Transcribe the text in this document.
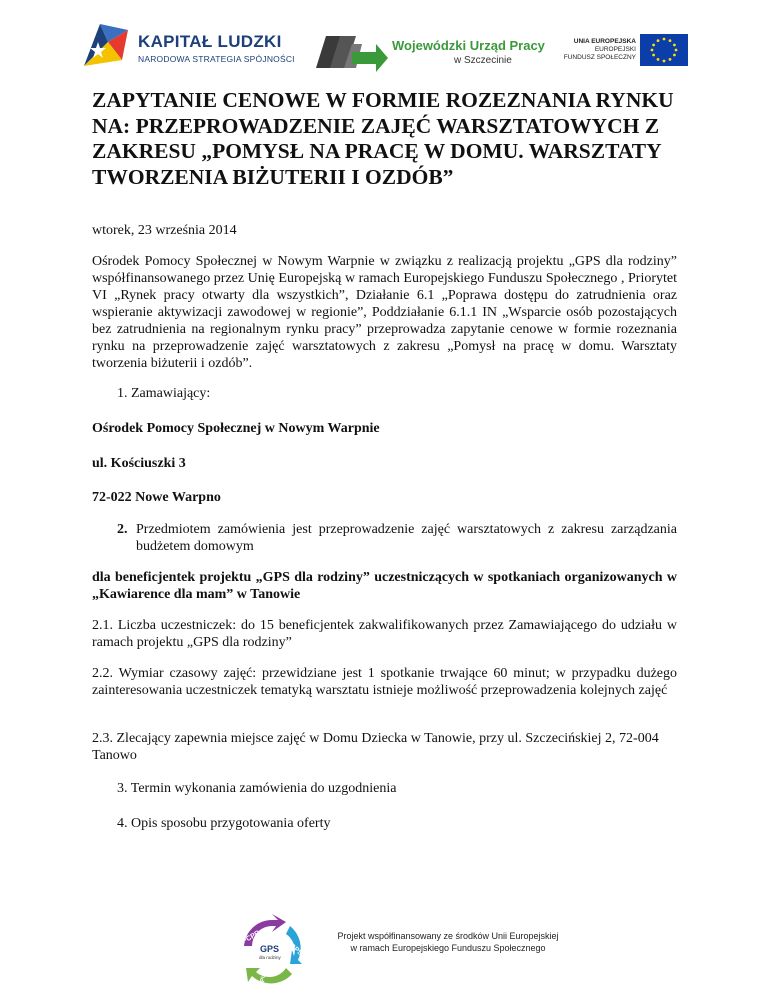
KAPITAŁ LUDZKI
NARODOWA STRATEGIA SPÓJNOŚCI
Wojewódzki Urząd Pracy
w Szczecinie
UNIA EUROPEJSKA
EUROPEJSKI
FUNDUSZ SPOŁECZNY
ZAPYTANIE CENOWE W FORMIE ROZEZNANIA RYNKU NA: PRZEPROWADZENIE ZAJĘĆ WARSZTATOWYCH Z ZAKRESU „POMYSŁ NA PRACĘ W DOMU. WARSZTATY TWORZENIA BIŻUTERII I OZDÓB”

wtorek, 23 września 2014

Ośrodek Pomocy Społecznej w Nowym Warpnie w związku z realizacją projektu „GPS dla rodziny” współfinansowanego przez Unię Europejską w ramach Europejskiego Funduszu Społecznego , Priorytet VI „Rynek pracy otwarty dla wszystkich”, Działanie 6.1 „Poprawa dostępu do zatrudnienia oraz wspieranie aktywizacji zawodowej w regionie”, Poddziałanie 6.1.1 IN „Wsparcie osób pozostających bez zatrudnienia na regionalnym rynku pracy” przeprowadza zapytanie cenowe w formie rozeznania rynku na przeprowadzenie zajęć warsztatowych z zakresu „Pomysł na pracę w domu. Warsztaty tworzenia biżuterii i ozdób”.

1. Zamawiający:

Ośrodek Pomocy Społecznej w Nowym Warpnie

ul. Kościuszki 3

72-022 Nowe Warpno

2. Przedmiotem zamówienia jest przeprowadzenie zajęć warsztatowych z zakresu zarządzania budżetem domowym

dla beneficjentek projektu „GPS dla rodziny” uczestniczących w spotkaniach organizowanych w „Kawiarence dla mam” w Tanowie

2.1. Liczba uczestniczek: do 15 beneficjentek zakwalifikowanych przez Zamawiającego do udziału w ramach projektu „GPS dla rodziny”

2.2. Wymiar czasowy zajęć: przewidziane jest 1 spotkanie trwające 60 minut; w przypadku dużego zainteresowania uczestniczek tematyką warsztatu istnieje możliwość przeprowadzenia kolejnych zajęć

2.3. Zlecający zapewnia miejsce zajęć w Domu Dziecka w Tanowie, przy ul. Szczecińskiej 2, 72-004 Tanowo

3. Termin wykonania zamówienia do uzgodnienia

4. Opis sposobu przygotowania oferty

PCPR
OPS
PUP
GPS
dla rodziny
Projekt współfinansowany ze środków Unii Europejskiej
w ramach Europejskiego Funduszu Społecznego
